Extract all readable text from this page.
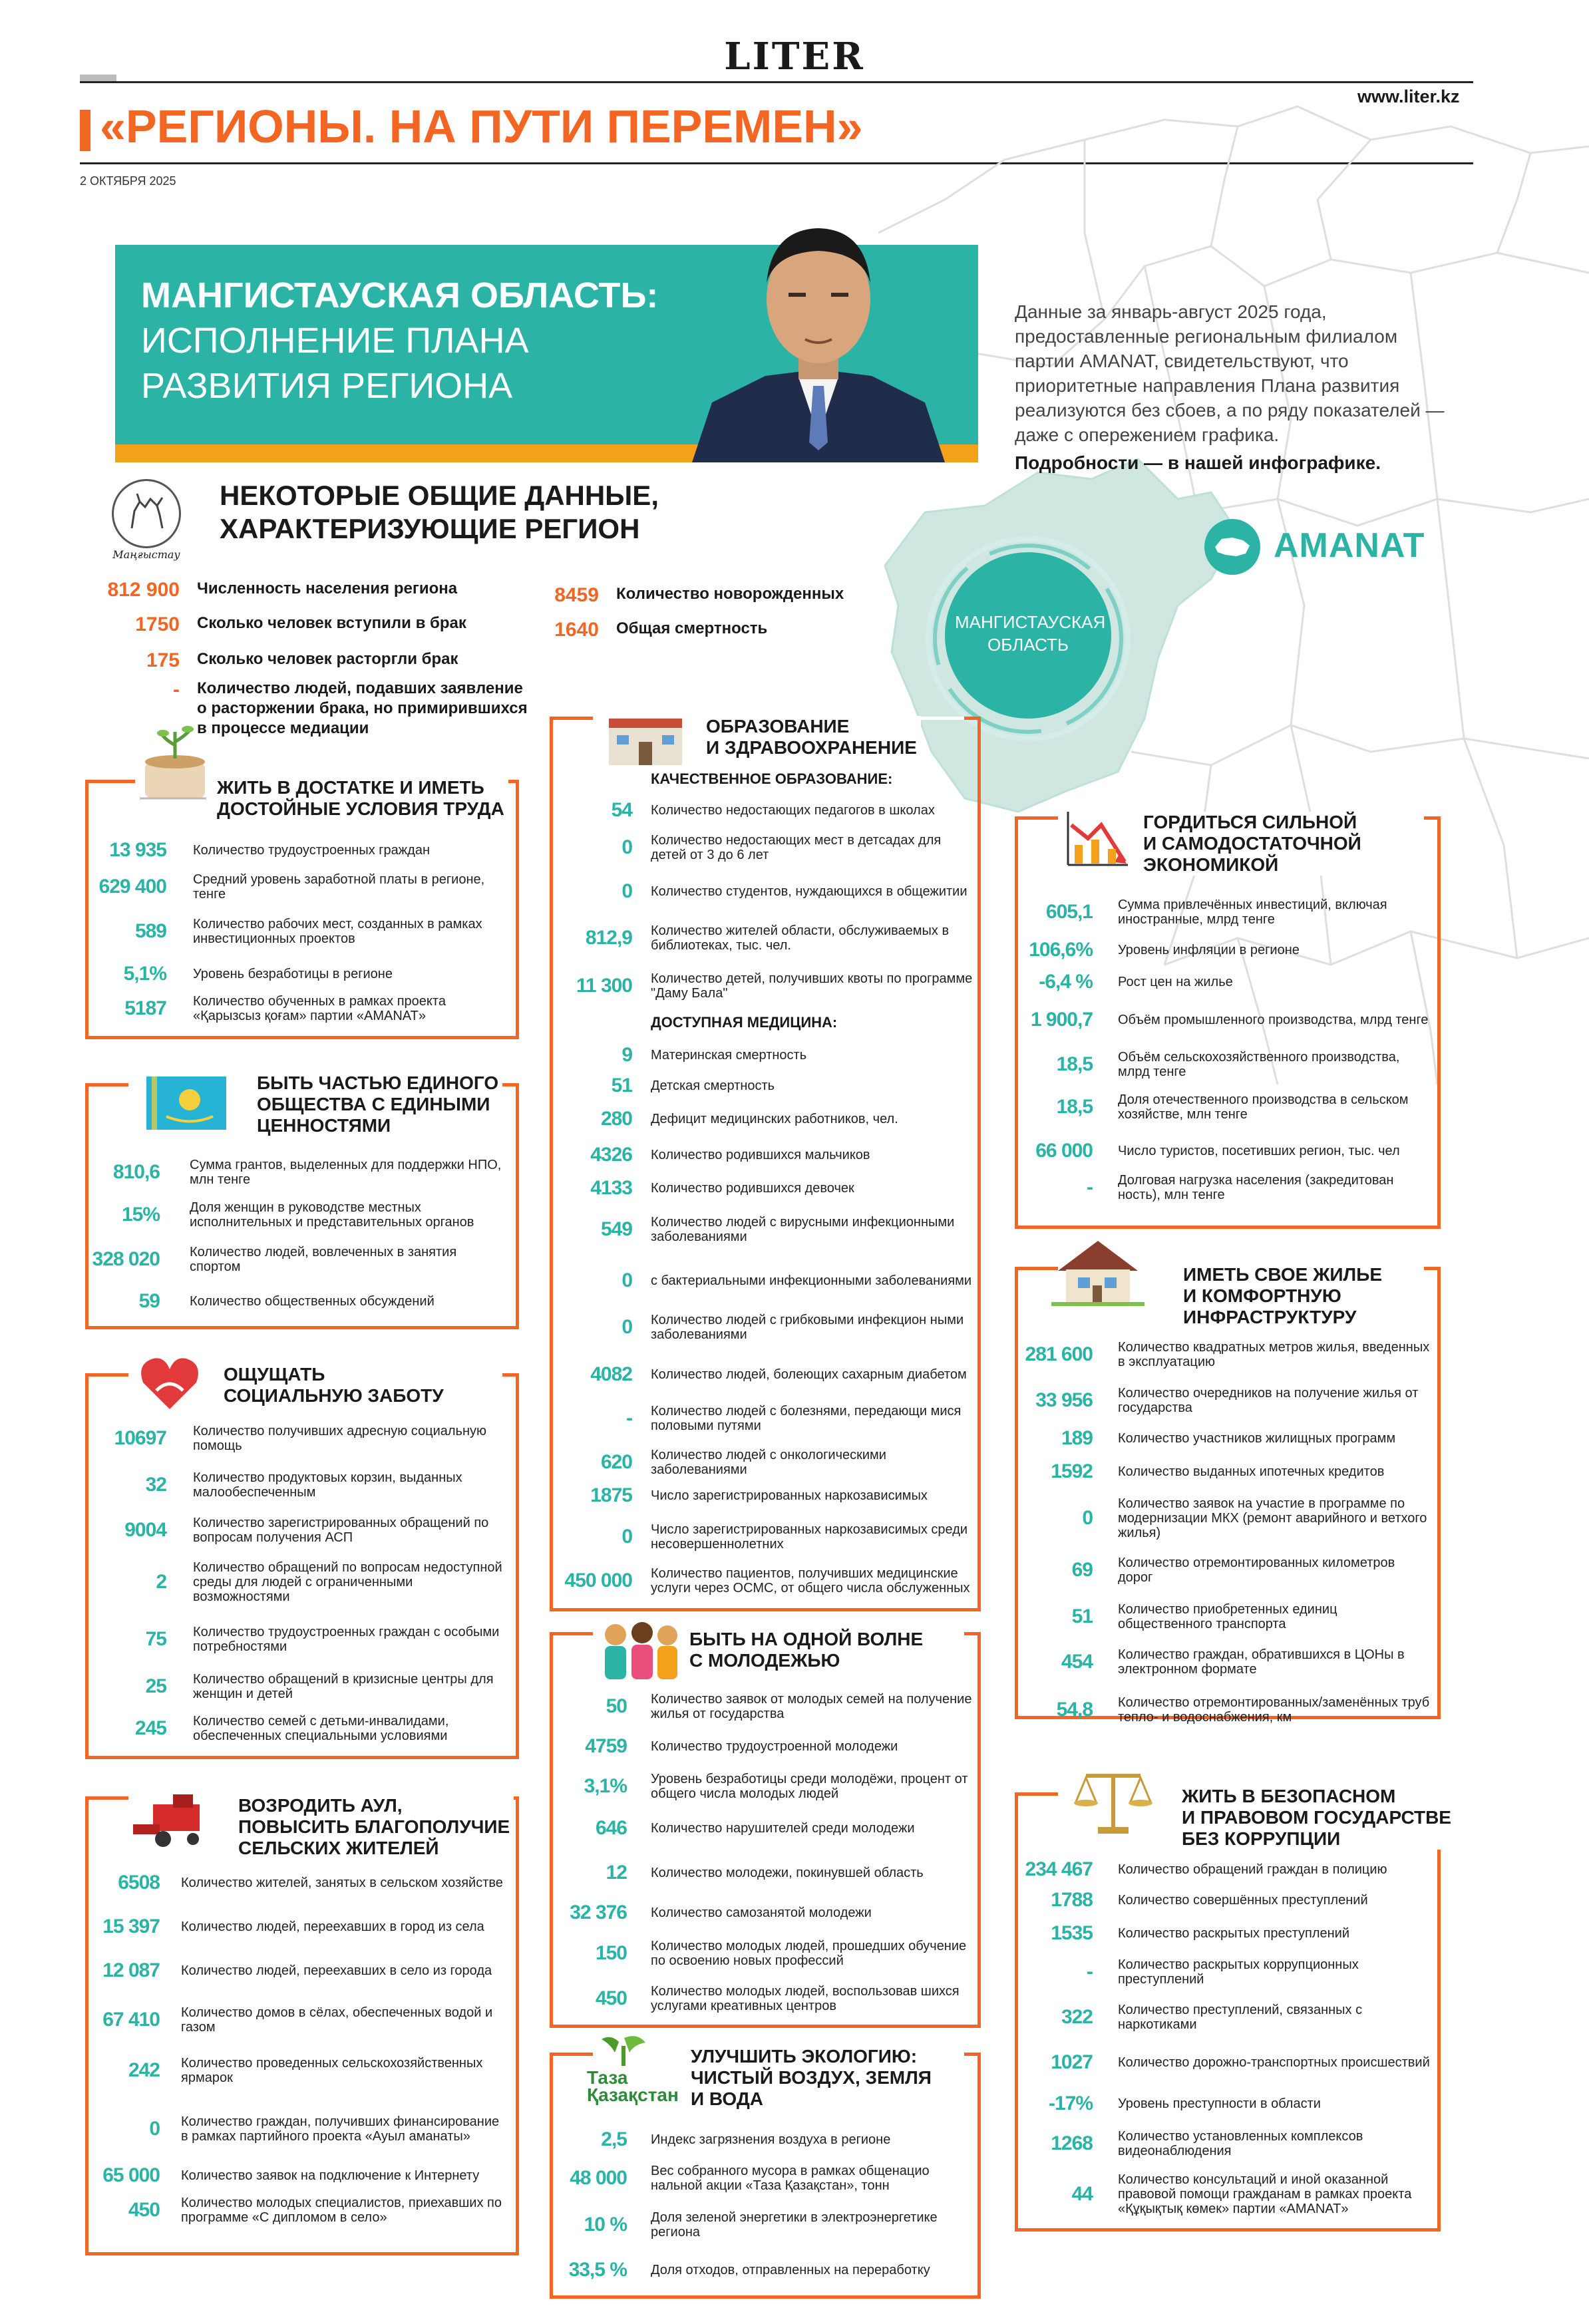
LITER
www.liter.kz
«РЕГИОНЫ. НА ПУТИ ПЕРЕМЕН»
2 ОКТЯБРЯ 2025
МАНГИСТАУСКАЯ ОБЛАСТЬ:
ИСПОЛНЕНИЕ ПЛАНА
РАЗВИТИЯ РЕГИОНА
Данные за январь-август 2025 года, предоставленные региональным филиалом партии AMANAT, свидетельствуют, что приоритетные направления Плана развития реализуются без сбоев, а по ряду показателей — даже с опережением графика.
Подробности — в нашей инфографике.
AMANAT
МАНГИСТАУСКАЯ
ОБЛАСТЬ
Маңғыстау
НЕКОТОРЫЕ ОБЩИЕ ДАННЫЕ,
ХАРАКТЕРИЗУЮЩИЕ РЕГИОН
812 900 Численность населения региона
1750 Сколько человек вступили в брак
175 Сколько человек расторгли брак
- Количество людей, подавших заявление о расторжении брака, но примирившихся в процессе медиации
8459 Количество новорожденных
1640 Общая смертность
ЖИТЬ В ДОСТАТКЕ И ИМЕТЬ
ДОСТОЙНЫЕ УСЛОВИЯ ТРУДА
13 935 Количество трудоустроенных граждан
629 400 Средний уровень заработной платы в регионе, тенге
589 Количество рабочих мест, созданных в рамках инвестиционных проектов
5,1% Уровень безработицы в регионе
5187 Количество обученных в рамках проекта «Қарызсыз қоғам» партии «AMANAT»
БЫТЬ ЧАСТЬЮ ЕДИНОГО
ОБЩЕСТВА С ЕДИНЫМИ
ЦЕННОСТЯМИ
810,6 Сумма грантов, выделенных для поддержки НПО, млн тенге
15% Доля женщин в руководстве местных исполнительных и представительных органов
328 020 Количество людей, вовлеченных в занятия спортом
59 Количество общественных обсуждений
ОЩУЩАТЬ
СОЦИАЛЬНУЮ ЗАБОТУ
10697 Количество получивших адресную социальную помощь
32 Количество продуктовых корзин, выданных малообеспеченным
9004 Количество зарегистрированных обращений по вопросам получения АСП
2
Количество обращений по вопросам недоступной среды для людей с ограниченными возможностями
75 Количество трудоустроенных граждан с особыми потребностями
25 Количество обращений в кризисные центры для женщин и детей
245 Количество семей с детьми-инвалидами, обеспеченных специальными условиями
ВОЗРОДИТЬ АУЛ,
ПОВЫСИТЬ БЛАГОПОЛУЧИЕ
СЕЛЬСКИХ ЖИТЕЛЕЙ
6508 Количество жителей, занятых в сельском хозяйстве
15 397 Количество людей, переехавших в город из села
12 087 Количество людей, переехавших в село из города
67 410 Количество домов в сёлах, обеспеченных водой и газом
242 Количество проведенных сельскохозяйственных ярмарок
0 Количество граждан, получивших финансирование в рамках партийного проекта «Ауыл аманаты»
65 000 Количество заявок на подключение к Интернету
450 Количество молодых специалистов, приехавших по программе «С дипломом в село»
ОБРАЗОВАНИЕ
И ЗДРАВООХРАНЕНИЕ
КАЧЕСТВЕННОЕ ОБРАЗОВАНИЕ:
54 Количество недостающих педагогов в школах
0 Количество недостающих мест в детсадах для детей от 3 до 6 лет
0 Количество студентов, нуждающихся в общежитии
812,9 Количество жителей области, обслуживаемых в библиотеках, тыс. чел.
11 300 Количество детей, получивших квоты по программе "Даму Бала"
ДОСТУПНАЯ МЕДИЦИНА:
9 Материнская смертность
51 Детская смертность
280 Дефицит медицинских работников, чел.
4326 Количество родившихся мальчиков
4133 Количество родившихся девочек
549 Количество людей с вирусными инфекционными заболеваниями
0 с бактериальными инфекционными заболеваниями
0 Количество людей с грибковыми инфекцион ными заболеваниями
4082 Количество людей, болеющих сахарным диабетом
- Количество людей с болезнями, передающи мися половыми путями
620 Количество людей с онкологическими заболеваниями
1875 Число зарегистрированных наркозависимых
0 Число зарегистрированных наркозависимых среди несовершеннолетних
450 000 Количество пациентов, получивших медицинские услуги через ОСМС, от общего числа обслуженных
БЫТЬ НА ОДНОЙ ВОЛНЕ
С МОЛОДЕЖЬЮ
50 Количество заявок от молодых семей на получение жилья от государства
4759 Количество трудоустроенной молодежи
3,1% Уровень безработицы среди молодёжи, процент от общего числа молодых людей
646 Количество нарушителей среди молодежи
12 Количество молодежи, покинувшей область
32 376 Количество самозанятой молодежи
150 Количество молодых людей, прошедших обучение по освоению новых профессий
450 Количество молодых людей, воспользовав шихся услугами креативных центров
Таза
Қазақстан
УЛУЧШИТЬ ЭКОЛОГИЮ:
ЧИСТЫЙ ВОЗДУХ, ЗЕМЛЯ
И ВОДА
2,5 Индекс загрязнения воздуха в регионе
48 000 Вес собранного мусора в рамках общенацио нальной акции «Таза Қазақстан», тонн
10 % Доля зеленой энергетики в электроэнергетике региона
33,5 % Доля отходов, отправленных на переработку
ГОРДИТЬСЯ СИЛЬНОЙ
И САМОДОСТАТОЧНОЙ
ЭКОНОМИКОЙ
605,1 Сумма привлечённых инвестиций, включая иностранные, млрд тенге
106,6% Уровень инфляции в регионе
-6,4 % Рост цен на жилье
1 900,7 Объём промышленного производства, млрд тенге
18,5 Объём сельскохозяйственного производства, млрд тенге
18,5 Доля отечественного производства в сельском хозяйстве, млн тенге
66 000 Число туристов, посетивших регион, тыс. чел
- Долговая нагрузка населения (закредитован ность), млн тенге
ИМЕТЬ СВОЕ ЖИЛЬЕ
И КОМФОРТНУЮ
ИНФРАСТРУКТУРУ
281 600 Количество квадратных метров жилья, введенных в эксплуатацию
33 956 Количество очередников на получение жилья от государства
189 Количество участников жилищных программ
1592 Количество выданных ипотечных кредитов
0
Количество заявок на участие в программе по модернизации МКХ (ремонт аварийного и ветхого жилья)
69 Количество отремонтированных километров дорог
51 Количество приобретенных единиц общественного транспорта
454 Количество граждан, обратившихся в ЦОНы в электронном формате
54,8 Количество отремонтированных/заменённых труб тепло- и водоснабжения, км
ЖИТЬ В БЕЗОПАСНОМ
И ПРАВОВОМ ГОСУДАРСТВЕ
БЕЗ КОРРУПЦИИ
234 467 Количество обращений граждан в полицию
1788 Количество совершённых преступлений
1535 Количество раскрытых преступлений
- Количество раскрытых коррупционных преступлений
322 Количество преступлений, связанных с наркотиками
1027 Количество дорожно-транспортных происшествий
-17% Уровень преступности в области
1268 Количество установленных комплексов видеонаблюдения
44
Количество консультаций и иной оказанной правовой помощи гражданам в рамках проекта «Құқықтық көмек» партии «AMANAT»
